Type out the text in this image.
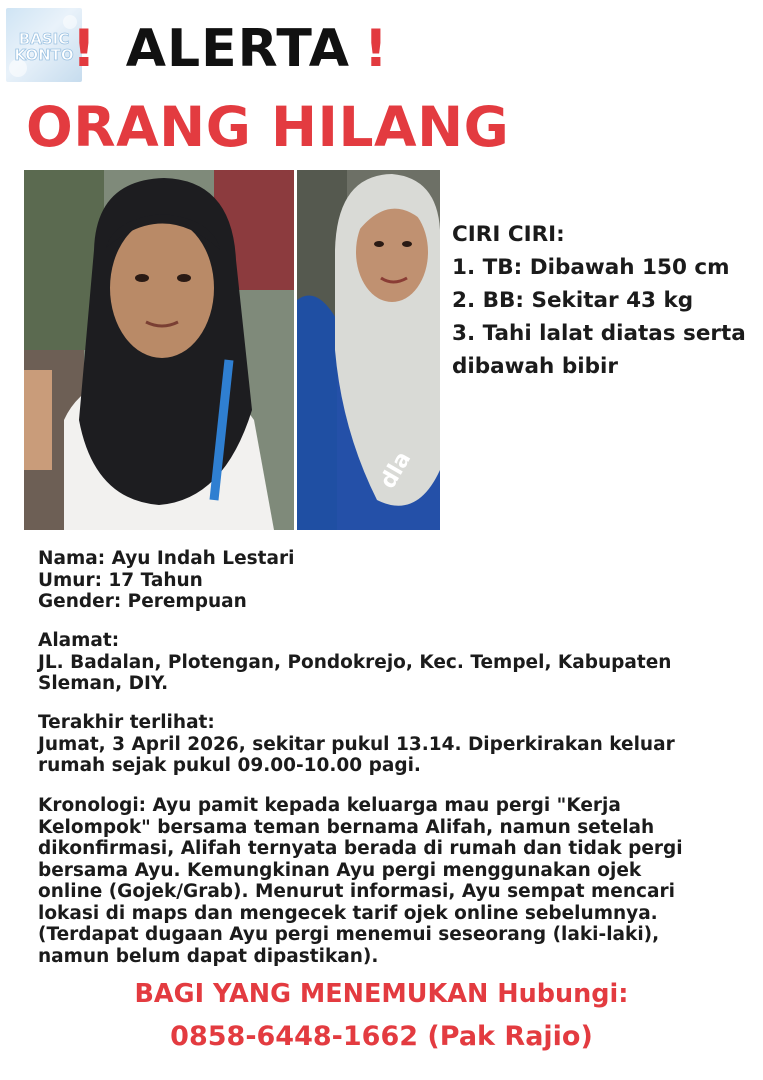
BASIC
KONTO
! ALERTA !
ORANG HILANG
dla
CIRI CIRI:
1. TB: Dibawah 150 cm
2. BB: Sekitar 43 kg
3. Tahi lalat diatas serta
dibawah bibir
Nama: Ayu Indah Lestari
Umur: 17 Tahun
Gender: Perempuan
Alamat:
JL. Badalan, Plotengan, Pondokrejo, Kec. Tempel, Kabupaten
Sleman, DIY.
Terakhir terlihat:
Jumat, 3 April 2026, sekitar pukul 13.14. Diperkirakan keluar
rumah sejak pukul 09.00-10.00 pagi.
Kronologi: Ayu pamit kepada keluarga mau pergi "Kerja
Kelompok" bersama teman bernama Alifah, namun setelah
dikonfirmasi, Alifah ternyata berada di rumah dan tidak pergi
bersama Ayu. Kemungkinan Ayu pergi menggunakan ojek
online (Gojek/Grab). Menurut informasi, Ayu sempat mencari
lokasi di maps dan mengecek tarif ojek online sebelumnya.
(Terdapat dugaan Ayu pergi menemui seseorang (laki-laki),
namun belum dapat dipastikan).
BAGI YANG MENEMUKAN Hubungi:
0858-6448-1662 (Pak Rajio)
